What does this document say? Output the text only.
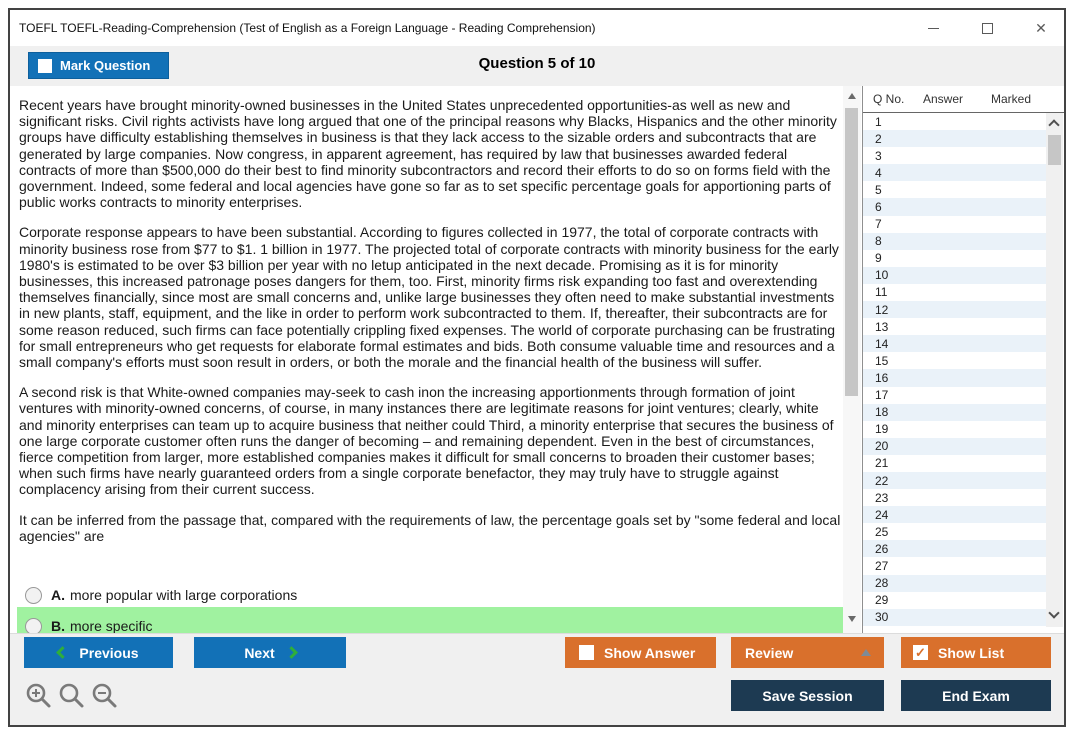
TOEFL TOEFL-Reading-Comprehension (Test of English as a Foreign Language - Reading Comprehension)	✕
Mark Question	Question 5 of 10

Recent years have brought minority-owned businesses in the United States unprecedented opportunities-as well as new and significant risks. Civil rights activists have long argued that one of the principal reasons why Blacks, Hispanics and the other minority groups have difficulty establishing themselves in business is that they lack access to the sizable orders and subcontracts that are generated by large companies. Now congress, in apparent agreement, has required by law that businesses awarded federal contracts of more than $500,000 do their best to find minority subcontractors and record their efforts to do so on forms field with the government. Indeed, some federal and local agencies have gone so far as to set specific percentage goals for apportioning parts of public works contracts to minority enterprises.

Corporate response appears to have been substantial. According to figures collected in 1977, the total of corporate contracts with minority business rose from $77 to $1. 1 billion in 1977. The projected total of corporate contracts with minority business for the early 1980's is estimated to be over $3 billion per year with no letup anticipated in the next decade. Promising as it is for minority businesses, this increased patronage poses dangers for them, too. First, minority firms risk expanding too fast and overextending themselves financially, since most are small concerns and, unlike large businesses they often need to make substantial investments in new plants, staff, equipment, and the like in order to perform work subcontracted to them. If, thereafter, their subcontracts are for some reason reduced, such firms can face potentially crippling fixed expenses. The world of corporate purchasing can be frustrating for small entrepreneurs who get requests for elaborate formal estimates and bids. Both consume valuable time and resources and a small company's efforts must soon result in orders, or both the morale and the financial health of the business will suffer.

A second risk is that White-owned companies may-seek to cash inon the increasing apportionments through formation of joint ventures with minority-owned concerns, of course, in many instances there are legitimate reasons for joint ventures; clearly, white and minority enterprises can team up to acquire business that neither could Third, a minority enterprise that secures the business of one large corporate customer often runs the danger of becoming – and remaining dependent. Even in the best of circumstances, fierce competition from larger, more established companies makes it difficult for small concerns to broaden their customer bases; when such firms have nearly guaranteed orders from a single corporate benefactor, they may truly have to struggle against complacency arising from their current success.

It can be inferred from the passage that, compared with the requirements of law, the percentage goals set by "some federal and local agencies" are

A. more popular with large corporations
B. more specific
Q No.	Answer	Marked
1
2
3
4
5
6
7
8
9
10
11
12
13
14
15
16
17
18
19
20
21
22
23
24
25
26
27
28
29
30
Previous	Next	Show Answer	Review	✓ Show List
Save Session	End Exam
